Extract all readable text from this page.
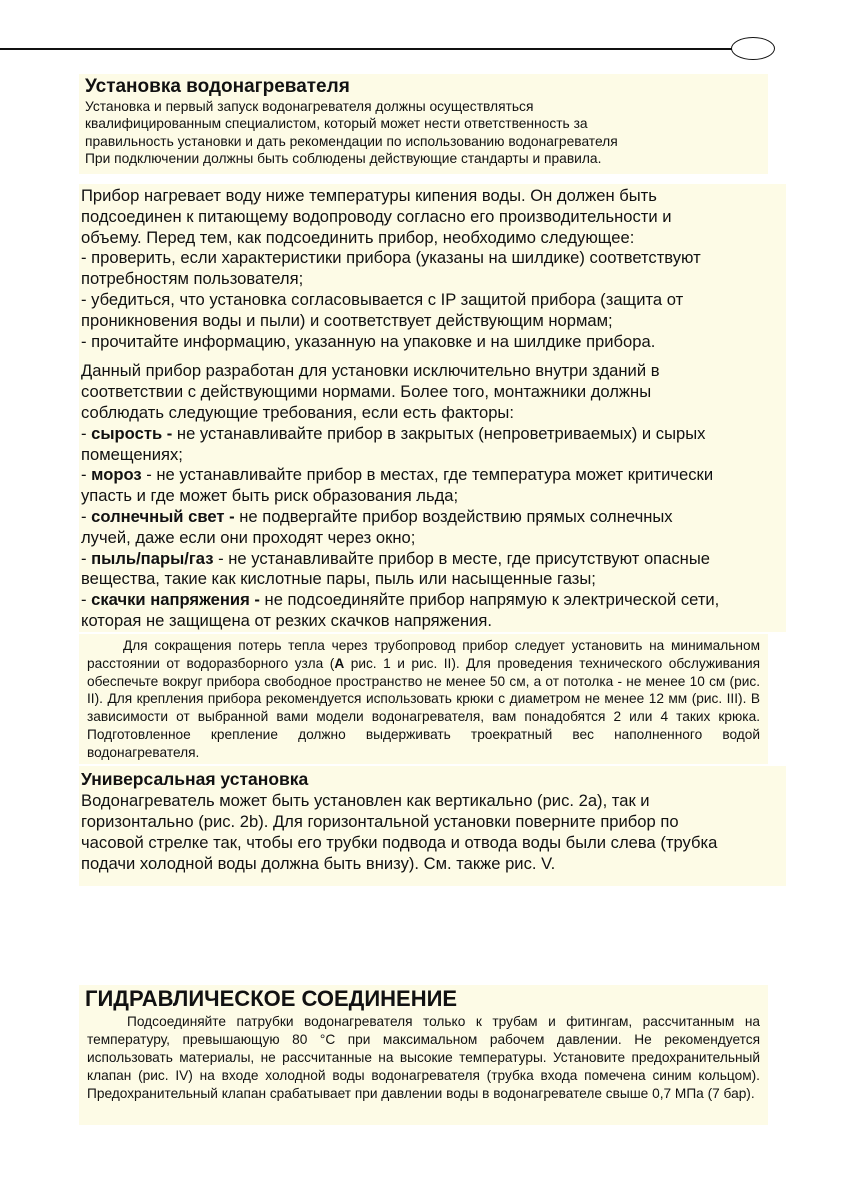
Установка водонагревателя

Установка и первый запуск водонагревателя должны осуществляться

квалифицированным специалистом, который может нести ответственность за

правильность установки и дать рекомендации по использованию водонагревателя

При подключении должны быть соблюдены действующие стандарты и правила.

Прибор нагревает воду ниже температуры кипения воды. Он должен быть

подсоединен к питающему водопроводу согласно его производительности и

объему. Перед тем, как подсоединить прибор, необходимо следующее:

- проверить, если характеристики прибора (указаны на шилдике) соответствуют

потребностям пользователя;

- убедиться, что установка согласовывается с IP защитой прибора (защита от

проникновения воды и пыли) и соответствует действующим нормам;

- прочитайте информацию, указанную на упаковке и на шилдике прибора.

Данный прибор разработан для установки исключительно внутри зданий в

соответствии с действующими нормами. Более того, монтажники должны

соблюдать следующие требования, если есть факторы:

- сырость - не устанавливайте прибор в закрытых (непроветриваемых) и сырых

помещениях;

- мороз - не устанавливайте прибор в местах, где температура может критически

упасть и где может быть риск образования льда;

- солнечный свет - не подвергайте прибор воздействию прямых солнечных

лучей, даже если они проходят через окно;

- пыль/пары/газ - не устанавливайте прибор в месте, где присутствуют опасные

вещества, такие как кислотные пары, пыль или насыщенные газы;

- скачки напряжения - не подсоединяйте прибор напрямую к электрической сети,

которая не защищена от резких скачков напряжения.

Для сокращения потерь тепла через трубопровод прибор следует установить на минимальном расстоянии от водоразборного узла (А рис. 1 и рис. II). Для проведения технического обслуживания обеспечьте вокруг прибора свободное пространство не менее 50 см, а от потолка - не менее 10 см (рис. II). Для крепления прибора рекомендуется использовать крюки с диаметром не менее 12 мм (рис. III). В зависимости от выбранной вами модели водонагревателя, вам понадобятся 2 или 4 таких крюка. Подготовленное крепление должно выдерживать троекратный вес наполненного водой водонагревателя.

Универсальная установка

Водонагреватель может быть установлен как вертикально (рис. 2а), так и

горизонтально (рис. 2b). Для горизонтальной установки поверните прибор по

часовой стрелке так, чтобы его трубки подвода и отвода воды были слева (трубка

подачи холодной воды должна быть внизу). См. также рис. V.

ГИДРАВЛИЧЕСКОЕ СОЕДИНЕНИЕ

Подсоединяйте патрубки водонагревателя только к трубам и фитингам, рассчитанным на температуру, превышающую 80 °С при максимальном рабочем давлении. Не рекомендуется использовать материалы, не рассчитанные на высокие температуры. Установите предохранительный клапан (рис. IV) на входе холодной воды водонагревателя (трубка входа помечена синим кольцом). Предохранительный клапан срабатывает при давлении воды в водонагревателе свыше 0,7 МПа (7 бар).
